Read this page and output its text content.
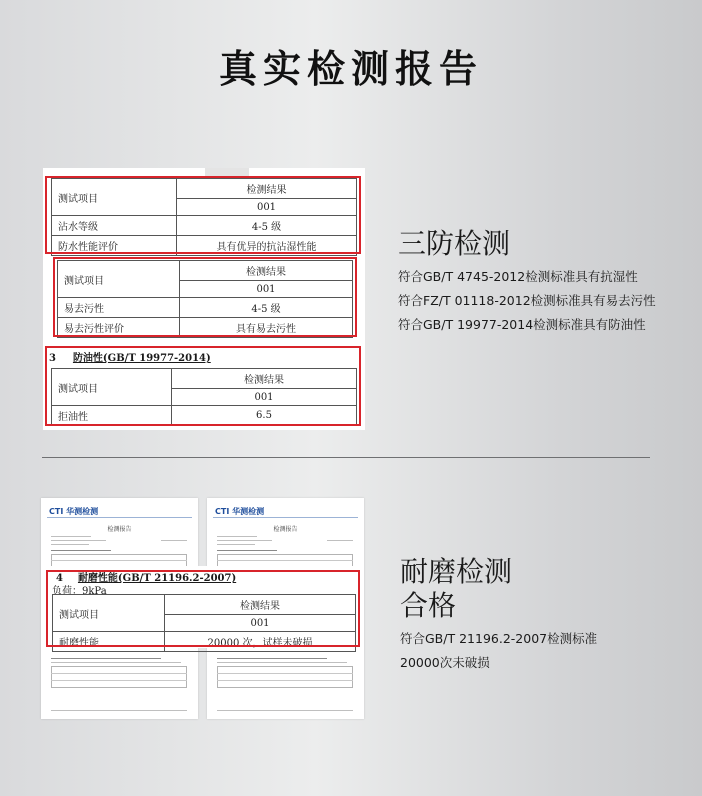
真实检测报告
测试项目	检测结果
	001
沾水等级	4-5 级
防水性能评价	具有优异的抗沾湿性能
测试项目	检测结果
	001
易去污性	4-5 级
易去污性评价	具有易去污性
3 防油性(GB/T 19977-2014)
测试项目	检测结果
	001
拒油性	6.5
三防检测
符合GB/T 4745-2012检测标准具有抗湿性
符合FZ/T 01118-2012检测标准具有易去污性
符合GB/T 19977-2014检测标准具有防油性
CTI 华测检测
检测报告
CTI 华测检测
检测报告
4 耐磨性能(GB/T 21196.2-2007)
负荷：9kPa
测试项目	检测结果
	001
耐磨性能	20000 次，试样未破损
耐磨检测
合格
符合GB/T 21196.2-2007检测标准
20000次未破损
